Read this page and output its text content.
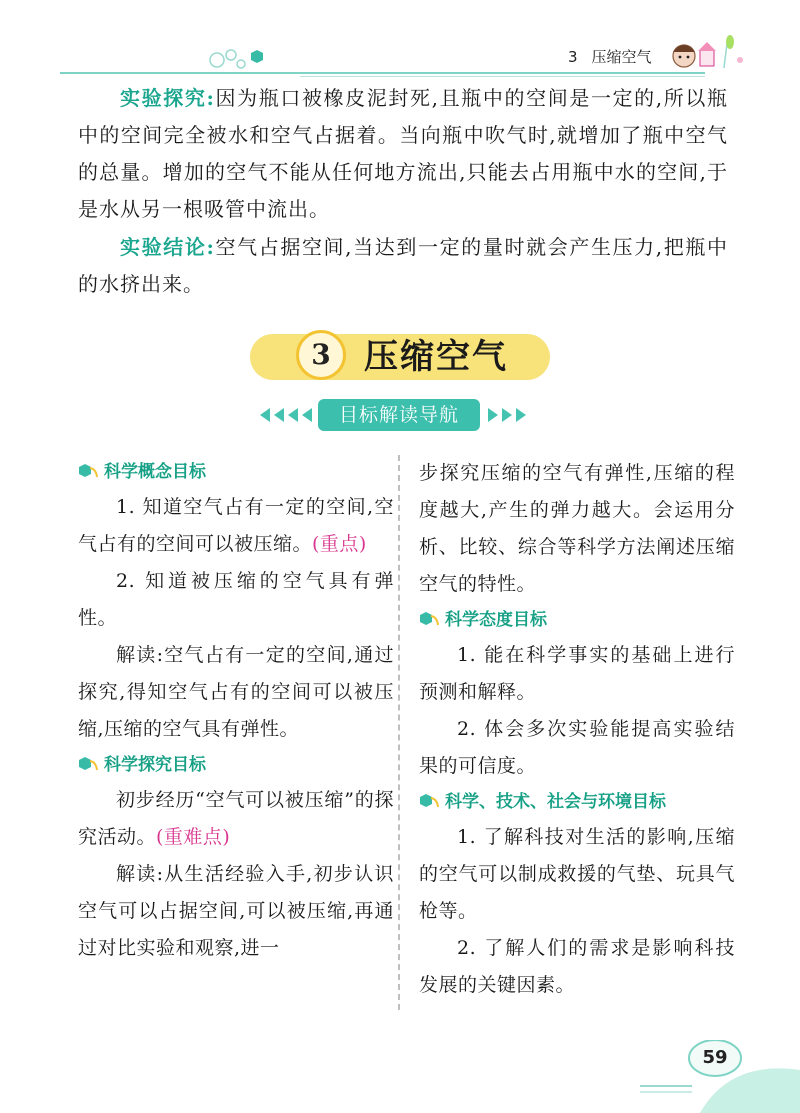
3 压缩空气

实验探究:因为瓶口被橡皮泥封死,且瓶中的空间是一定的,所以瓶中的空间完全被水和空气占据着。当向瓶中吹气时,就增加了瓶中空气的总量。增加的空气不能从任何地方流出,只能去占用瓶中水的空间,于是水从另一根吸管中流出。

实验结论:空气占据空间,当达到一定的量时就会产生压力,把瓶中的水挤出来。

3 压缩空气
目标解读导航
科学概念目标

1. 知道空气占有一定的空间,空气占有的空间可以被压缩。(重点)

2. 知道被压缩的空气具有弹性。

解读:空气占有一定的空间,通过探究,得知空气占有的空间可以被压缩,压缩的空气具有弹性。

科学探究目标

初步经历“空气可以被压缩”的探究活动。(重难点)

解读:从生活经验入手,初步认识空气可以占据空间,可以被压缩,再通过对比实验和观察,进一

步探究压缩的空气有弹性,压缩的程度越大,产生的弹力越大。会运用分析、比较、综合等科学方法阐述压缩空气的特性。

科学态度目标

1. 能在科学事实的基础上进行预测和解释。

2. 体会多次实验能提高实验结果的可信度。

科学、技术、社会与环境目标

1. 了解科技对生活的影响,压缩的空气可以制成救援的气垫、玩具气枪等。

2. 了解人们的需求是影响科技发展的关键因素。

59
